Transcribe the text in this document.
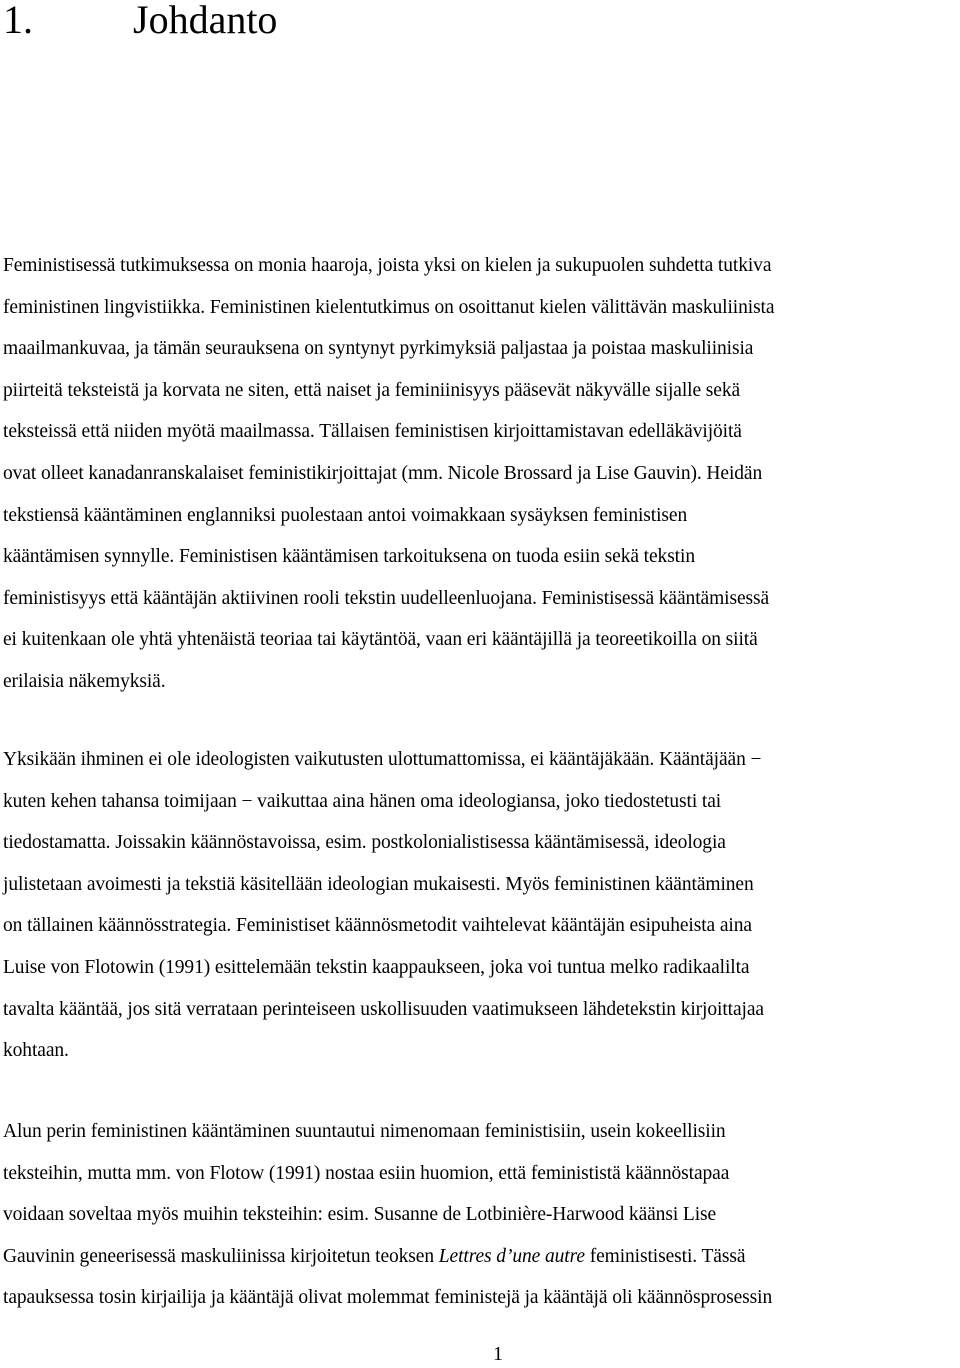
1.	Johdanto

Feministisessä tutkimuksessa on monia haaroja, joista yksi on kielen ja sukupuolen suhdetta tutkiva
feministinen lingvistiikka. Feministinen kielentutkimus on osoittanut kielen välittävän maskuliinista
maailmankuvaa, ja tämän seurauksena on syntynyt pyrkimyksiä paljastaa ja poistaa maskuliinisia
piirteitä teksteistä ja korvata ne siten, että naiset ja feminiinisyys pääsevät näkyvälle sijalle sekä
teksteissä että niiden myötä maailmassa. Tällaisen feministisen kirjoittamistavan edelläkävijöitä
ovat olleet kanadanranskalaiset feministikirjoittajat (mm. Nicole Brossard ja Lise Gauvin). Heidän
tekstiensä kääntäminen englanniksi puolestaan antoi voimakkaan sysäyksen feministisen
kääntämisen synnylle. Feministisen kääntämisen tarkoituksena on tuoda esiin sekä tekstin
feministisyys että kääntäjän aktiivinen rooli tekstin uudelleenluojana. Feministisessä kääntämisessä
ei kuitenkaan ole yhtä yhtenäistä teoriaa tai käytäntöä, vaan eri kääntäjillä ja teoreetikoilla on siitä
erilaisia näkemyksiä.

Yksikään ihminen ei ole ideologisten vaikutusten ulottumattomissa, ei kääntäjäkään. Kääntäjään −
kuten kehen tahansa toimijaan − vaikuttaa aina hänen oma ideologiansa, joko tiedostetusti tai
tiedostamatta. Joissakin käännöstavoissa, esim. postkolonialistisessa kääntämisessä, ideologia
julistetaan avoimesti ja tekstiä käsitellään ideologian mukaisesti. Myös feministinen kääntäminen
on tällainen käännösstrategia. Feministiset käännösmetodit vaihtelevat kääntäjän esipuheista aina
Luise von Flotowin (1991) esittelemään tekstin kaappaukseen, joka voi tuntua melko radikaalilta
tavalta kääntää, jos sitä verrataan perinteiseen uskollisuuden vaatimukseen lähdetekstin kirjoittajaa
kohtaan.

Alun perin feministinen kääntäminen suuntautui nimenomaan feministisiin, usein kokeellisiin
teksteihin, mutta mm. von Flotow (1991) nostaa esiin huomion, että feminististä käännöstapaa
voidaan soveltaa myös muihin teksteihin: esim. Susanne de Lotbinière-Harwood käänsi Lise
Gauvinin geneerisessä maskuliinissa kirjoitetun teoksen Lettres d’une autre feministisesti. Tässä
tapauksessa tosin kirjailija ja kääntäjä olivat molemmat feministejä ja kääntäjä oli käännösprosessin

1
